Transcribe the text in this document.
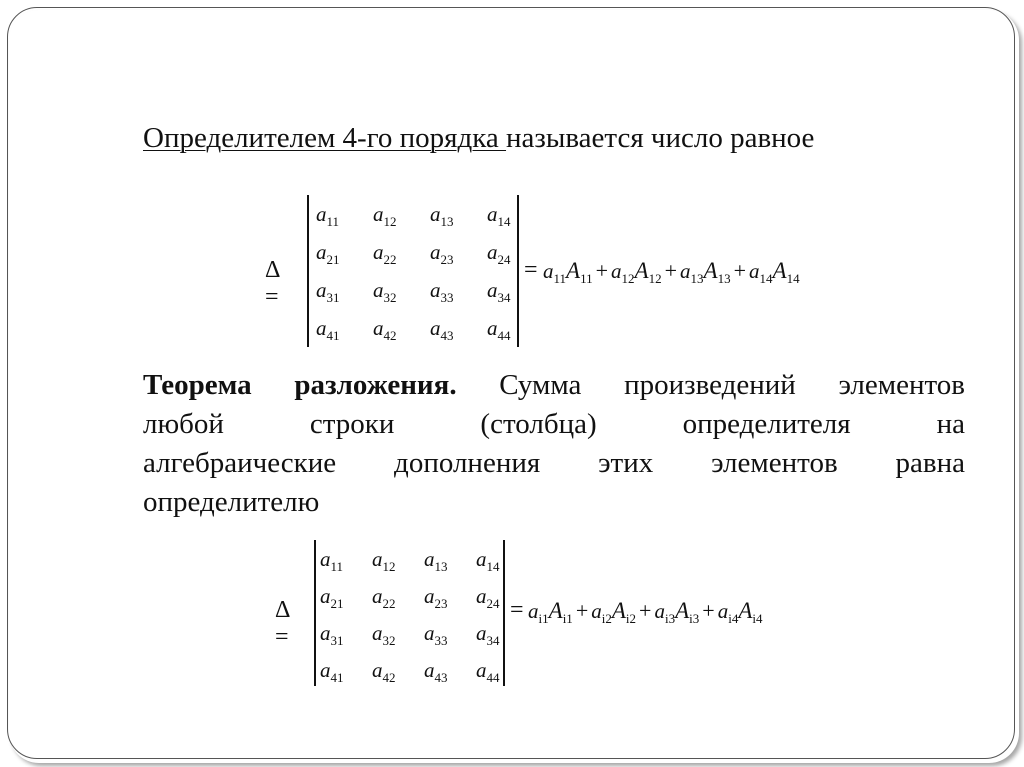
Определителем 4-го порядка называется число равное
Δ =
$a_{11}$ $a_{12}$ $a_{13}$ $a_{14}$
$a_{21}$ $a_{22}$ $a_{23}$ $a_{24}$
$a_{31}$ $a_{32}$ $a_{33}$ $a_{34}$
$a_{41}$ $a_{42}$ $a_{43}$ $a_{44}$
= $a_{11}A_{11} + a_{12}A_{12} + a_{13}A_{13} + a_{14}A_{14}$
Теорема разложения. Сумма произведений элементов
любой строки (столбца) определителя на
алгебраические дополнения этих элементов равна
определителю
Δ =
$a_{11}$ $a_{12}$ $a_{13}$ $a_{14}$
$a_{21}$ $a_{22}$ $a_{23}$ $a_{24}$
$a_{31}$ $a_{32}$ $a_{33}$ $a_{34}$
$a_{41}$ $a_{42}$ $a_{43}$ $a_{44}$
= $a_{i1}A_{i1} + a_{i2}A_{i2} + a_{i3}A_{i3} + a_{i4}A_{i4}$
